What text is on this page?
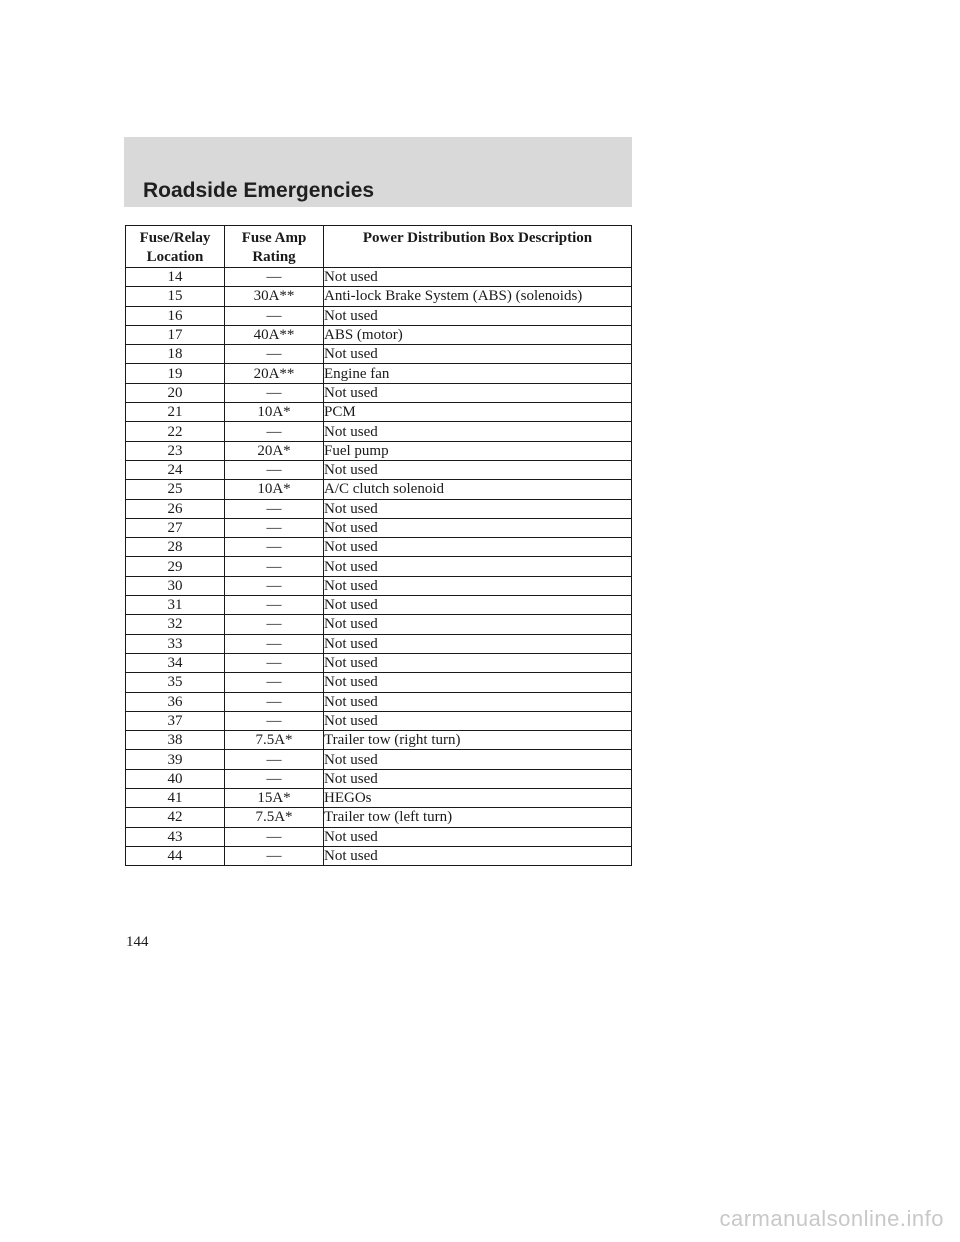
Roadside Emergencies
Fuse/Relay Location	Fuse Amp Rating	Power Distribution Box Description
14	—	Not used
15	30A**	Anti-lock Brake System (ABS) (solenoids)
16	—	Not used
17	40A**	ABS (motor)
18	—	Not used
19	20A**	Engine fan
20	—	Not used
21	10A*	PCM
22	—	Not used
23	20A*	Fuel pump
24	—	Not used
25	10A*	A/C clutch solenoid
26	—	Not used
27	—	Not used
28	—	Not used
29	—	Not used
30	—	Not used
31	—	Not used
32	—	Not used
33	—	Not used
34	—	Not used
35	—	Not used
36	—	Not used
37	—	Not used
38	7.5A*	Trailer tow (right turn)
39	—	Not used
40	—	Not used
41	15A*	HEGOs
42	7.5A*	Trailer tow (left turn)
43	—	Not used
44	—	Not used
144
carmanualsonline.info
